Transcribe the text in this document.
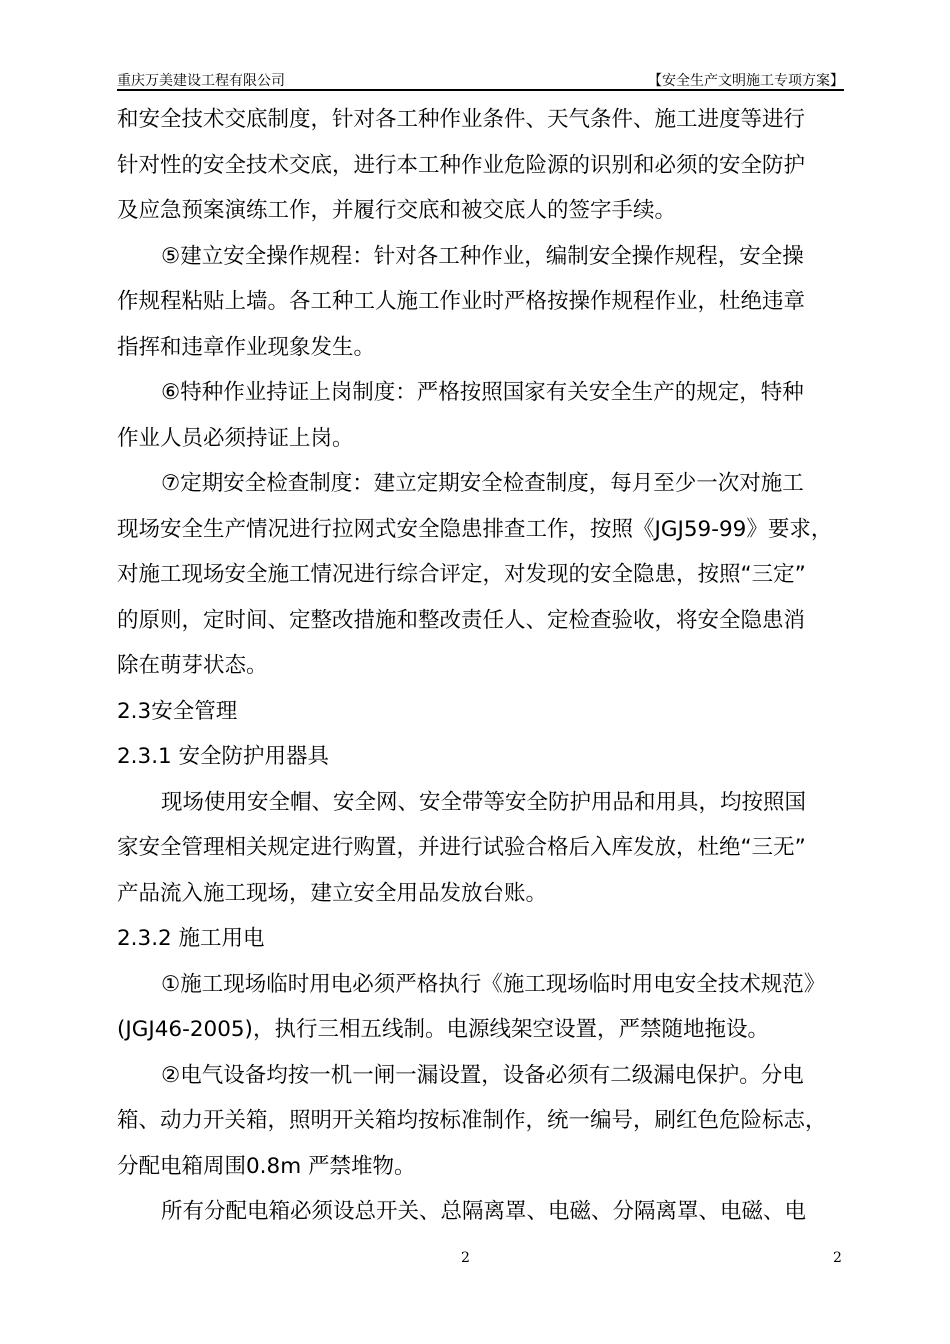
重庆万美建设工程有限公司	【安全生产文明施工专项方案】
和安全技术交底制度，针对各工种作业条件、天气条件、施工进度等进行
针对性的安全技术交底，进行本工种作业危险源的识别和必须的安全防护
及应急预案演练工作，并履行交底和被交底人的签字手续。
⑤建立安全操作规程：针对各工种作业，编制安全操作规程，安全操
作规程粘贴上墙。各工种工人施工作业时严格按操作规程作业，杜绝违章
指挥和违章作业现象发生。
⑥特种作业持证上岗制度：严格按照国家有关安全生产的规定，特种
作业人员必须持证上岗。
⑦定期安全检查制度：建立定期安全检查制度，每月至少一次对施工
现场安全生产情况进行拉网式安全隐患排查工作，按照《JGJ59-99》要求，
对施工现场安全施工情况进行综合评定，对发现的安全隐患，按照“三定”
的原则，定时间、定整改措施和整改责任人、定检查验收，将安全隐患消
除在萌芽状态。
2.3安全管理
2.3.1 安全防护用器具
现场使用安全帽、安全网、安全带等安全防护用品和用具，均按照国
家安全管理相关规定进行购置，并进行试验合格后入库发放，杜绝“三无”
产品流入施工现场，建立安全用品发放台账。
2.3.2 施工用电
①施工现场临时用电必须严格执行《施工现场临时用电安全技术规范》
(JGJ46-2005)，执行三相五线制。电源线架空设置，严禁随地拖设。
②电气设备均按一机一闸一漏设置，设备必须有二级漏电保护。分电
箱、动力开关箱，照明开关箱均按标准制作，统一编号，刷红色危险标志，
分配电箱周围0.8m 严禁堆物。
所有分配电箱必须设总开关、总隔离罩、电磁、分隔离罩、电磁、电
2	2
